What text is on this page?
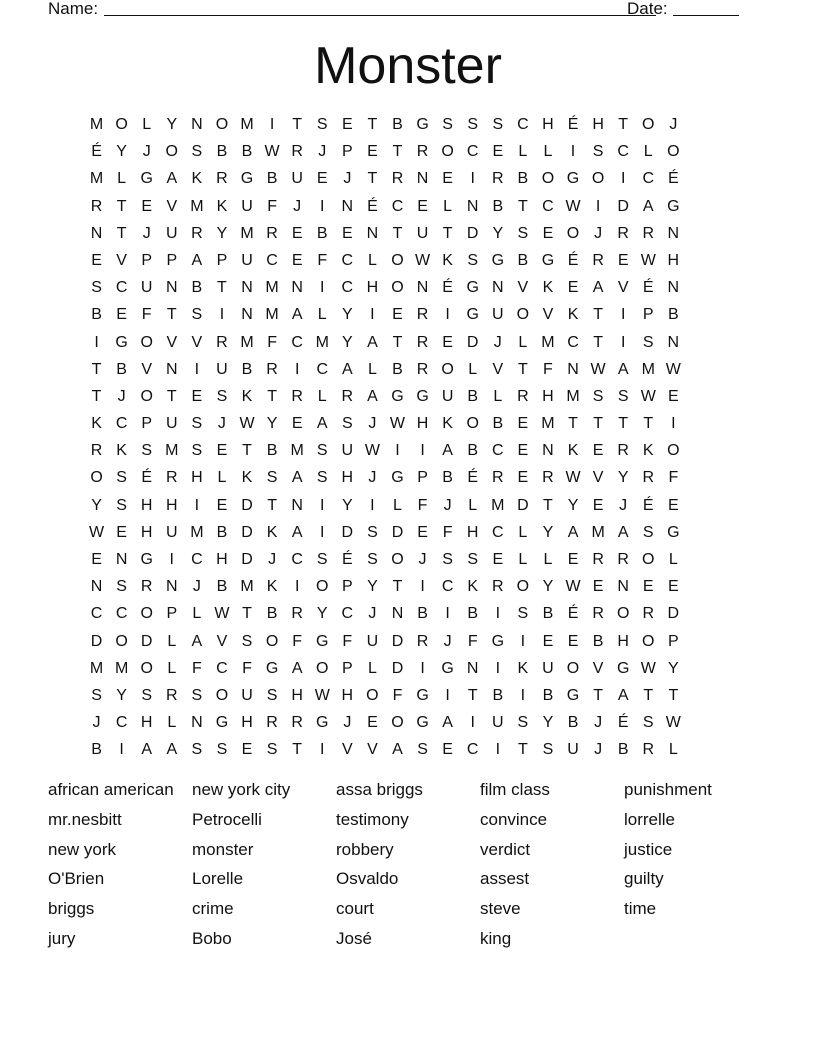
Name:	Date:
Monster
M O L Y N O M	I	T S E T B G S S S C H É H T O J
É Y J O S B B W R J P E T R O C E L	L	I	S C L O
M L G A K R G B U E J	T R N E	I	R B O G O	I	C É
R T E V M K U F	J	I	N É C E L N B T C W I	D A G
N T	J U R Y M R E B E N T U T D Y S E O J R R N
E V P P A P U C E F C L O W K S G B G É R E W H
S C U N B T N M N	I	C H O N É G N V K E A V É N
B E F T S	I	N M A L Y	I	E R	I	G U O V K T	I	P B
I	G O V V R M F C M Y A T R E D J	L M C T	I	S N
T B V N	I	U B R	I	C A L B R O L V T F N W A M W
T	J O T E S K T R L R A G G U B L R H M S S W E
K C P U S J W Y E A S J W H K O B E M T T T T	I
R K S M S E T B M S U W I	I	A B C E N K E R K O
O S É R H L K S A S H J G P B É R E R W V Y R F
Y S H H	I	E D T N	I	Y	I	L F	J	L M D T Y E J É E
W E H U M B D K A	I	D S D E F H C L Y A M A S G
E N G	I	C H D J C S É S O J S S E L	L E R R O L
N S R N J B M K	I	O P Y T	I	C K R O Y W E N E E
C C O P L W T B R Y C J N B	I	B	I	S B É R O R D
D O D L A V S O F G F U D R J	F G	I	E E B H O P
M M O L F C F G A O P L D	I	G N	I	K U O V G W Y
S Y S R S O U S H W H O F G	I	T B	I	B G T A T T
J C H L N G H R R G J E O G A	I	U S Y B J É S W
B	I	A A S S E S T	I	V V A S E C	I	T S U J B R L
african american	new york city	assa briggs	film class	punishment
mr.nesbitt	Petrocelli	testimony	convince	lorrelle
new york	monster	robbery	verdict	justice
O'Brien	Lorelle	Osvaldo	assest	guilty
briggs	crime	court	steve	time
jury	Bobo	José	king
